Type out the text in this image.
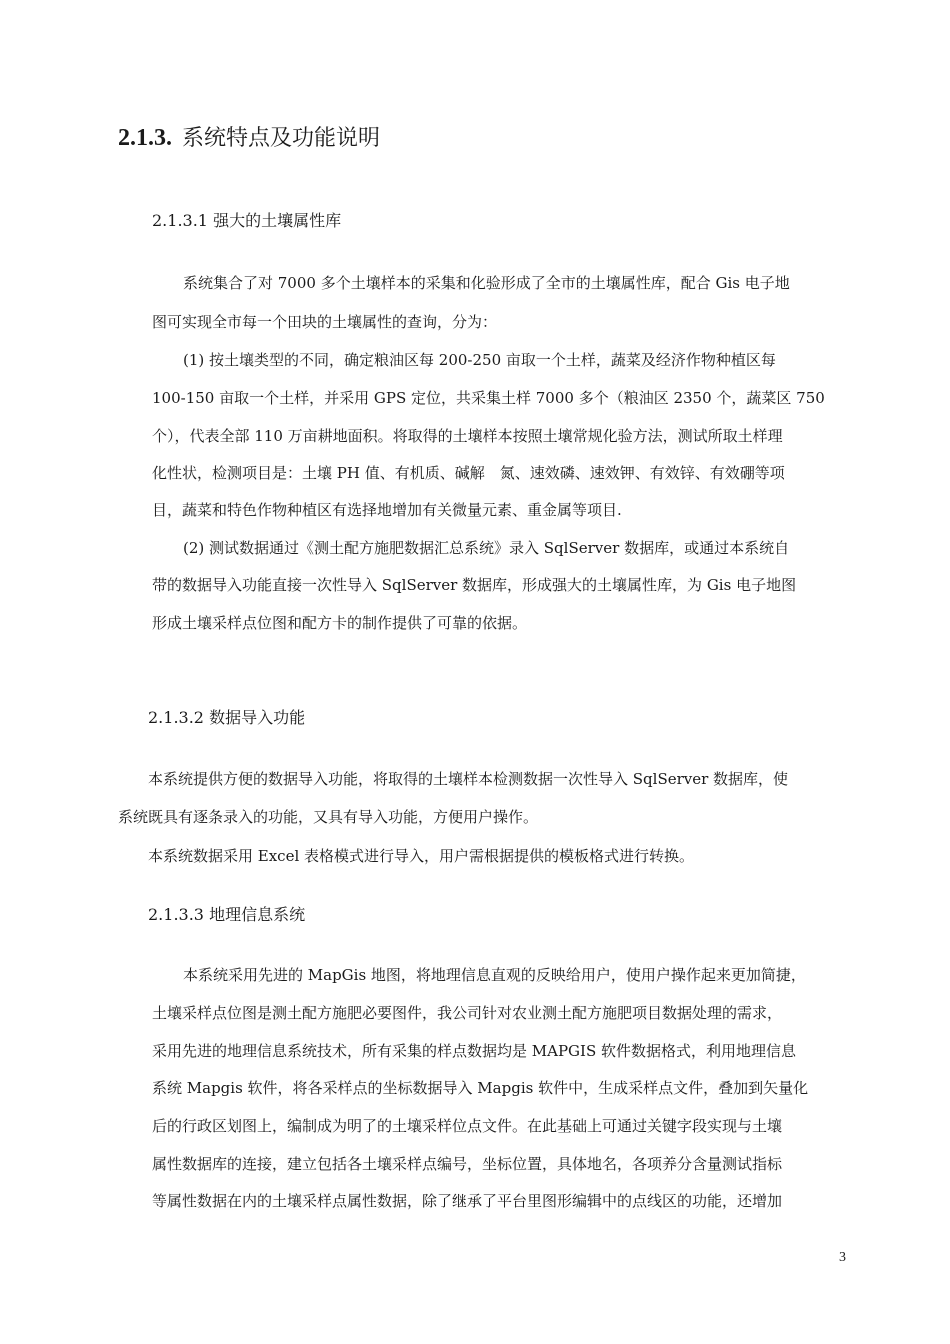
2.1.3. 系统特点及功能说明
2.1.3.1 强大的土壤属性库
系统集合了对 7000 多个土壤样本的采集和化验形成了全市的土壤属性库，配合 Gis 电子地
图可实现全市每一个田块的土壤属性的查询，分为：
(1) 按土壤类型的不同，确定粮油区每 200-250 亩取一个土样，蔬菜及经济作物种植区每
100-150 亩取一个土样，并采用 GPS 定位，共采集土样 7000 多个（粮油区 2350 个，蔬菜区 750
个），代表全部 110 万亩耕地面积。将取得的土壤样本按照土壤常规化验方法，测试所取土样理
化性状，检测项目是：土壤 PH 值、有机质、碱解　氮、速效磷、速效钾、有效锌、有效硼等项
目，蔬菜和特色作物种植区有选择地增加有关微量元素、重金属等项目.
(2) 测试数据通过《测土配方施肥数据汇总系统》录入 SqlServer 数据库，或通过本系统自
带的数据导入功能直接一次性导入 SqlServer 数据库，形成强大的土壤属性库，为 Gis 电子地图
形成土壤采样点位图和配方卡的制作提供了可靠的依据。
2.1.3.2 数据导入功能
本系统提供方便的数据导入功能，将取得的土壤样本检测数据一次性导入 SqlServer 数据库，使
系统既具有逐条录入的功能，又具有导入功能，方便用户操作。
本系统数据采用 Excel 表格模式进行导入，用户需根据提供的模板格式进行转换。
2.1.3.3 地理信息系统
本系统采用先进的 MapGis 地图，将地理信息直观的反映给用户，使用户操作起来更加简捷，
土壤采样点位图是测土配方施肥必要图件，我公司针对农业测土配方施肥项目数据处理的需求，
采用先进的地理信息系统技术，所有采集的样点数据均是 MAPGIS 软件数据格式，利用地理信息
系统 Mapgis 软件，将各采样点的坐标数据导入 Mapgis 软件中，生成采样点文件，叠加到矢量化
后的行政区划图上，编制成为明了的土壤采样位点文件。在此基础上可通过关键字段实现与土壤
属性数据库的连接，建立包括各土壤采样点编号，坐标位置，具体地名，各项养分含量测试指标
等属性数据在内的土壤采样点属性数据，除了继承了平台里图形编辑中的点线区的功能，还增加
3
